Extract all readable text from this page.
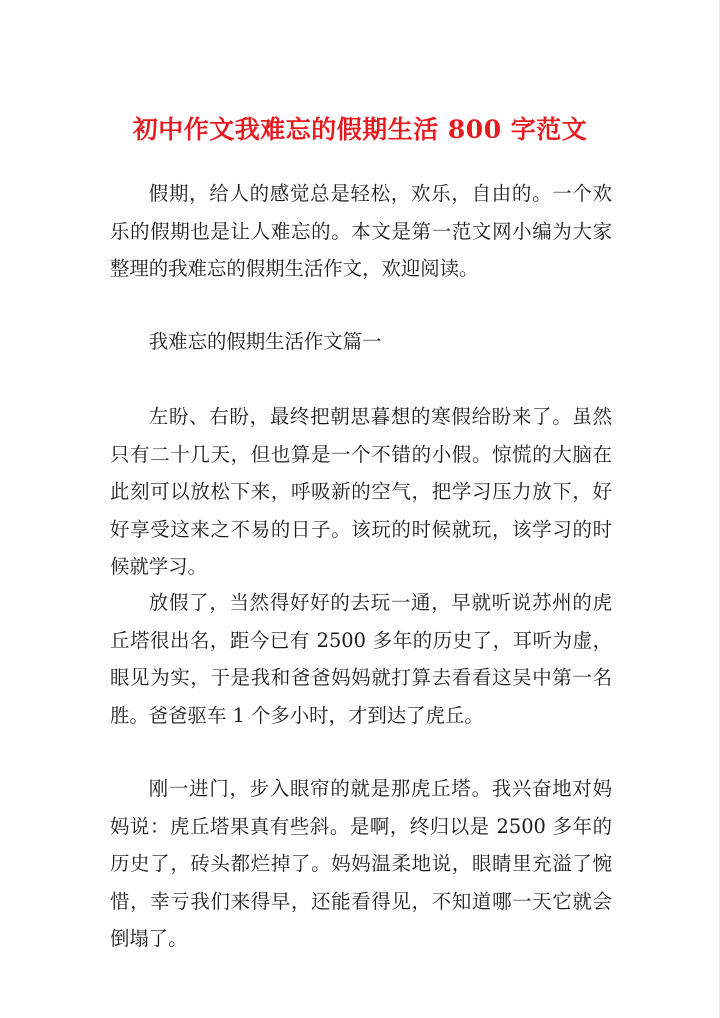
初中作文我难忘的假期生活 800 字范文

假期，给人的感觉总是轻松，欢乐，自由的。一个欢乐的假期也是让人难忘的。本文是第一范文网小编为大家整理的我难忘的假期生活作文，欢迎阅读。

我难忘的假期生活作文篇一

左盼、右盼，最终把朝思暮想的寒假给盼来了。虽然只有二十几天，但也算是一个不错的小假。惊慌的大脑在此刻可以放松下来，呼吸新的空气，把学习压力放下，好好享受这来之不易的日子。该玩的时候就玩，该学习的时候就学习。

放假了，当然得好好的去玩一通，早就听说苏州的虎丘塔很出名，距今已有 2500 多年的历史了，耳听为虚，眼见为实，于是我和爸爸妈妈就打算去看看这吴中第一名胜。爸爸驱车 1 个多小时，才到达了虎丘。

刚一进门，步入眼帘的就是那虎丘塔。我兴奋地对妈妈说：虎丘塔果真有些斜。是啊，终归以是 2500 多年的历史了，砖头都烂掉了。妈妈温柔地说，眼睛里充溢了惋惜，幸亏我们来得早，还能看得见，不知道哪一天它就会倒塌了。
